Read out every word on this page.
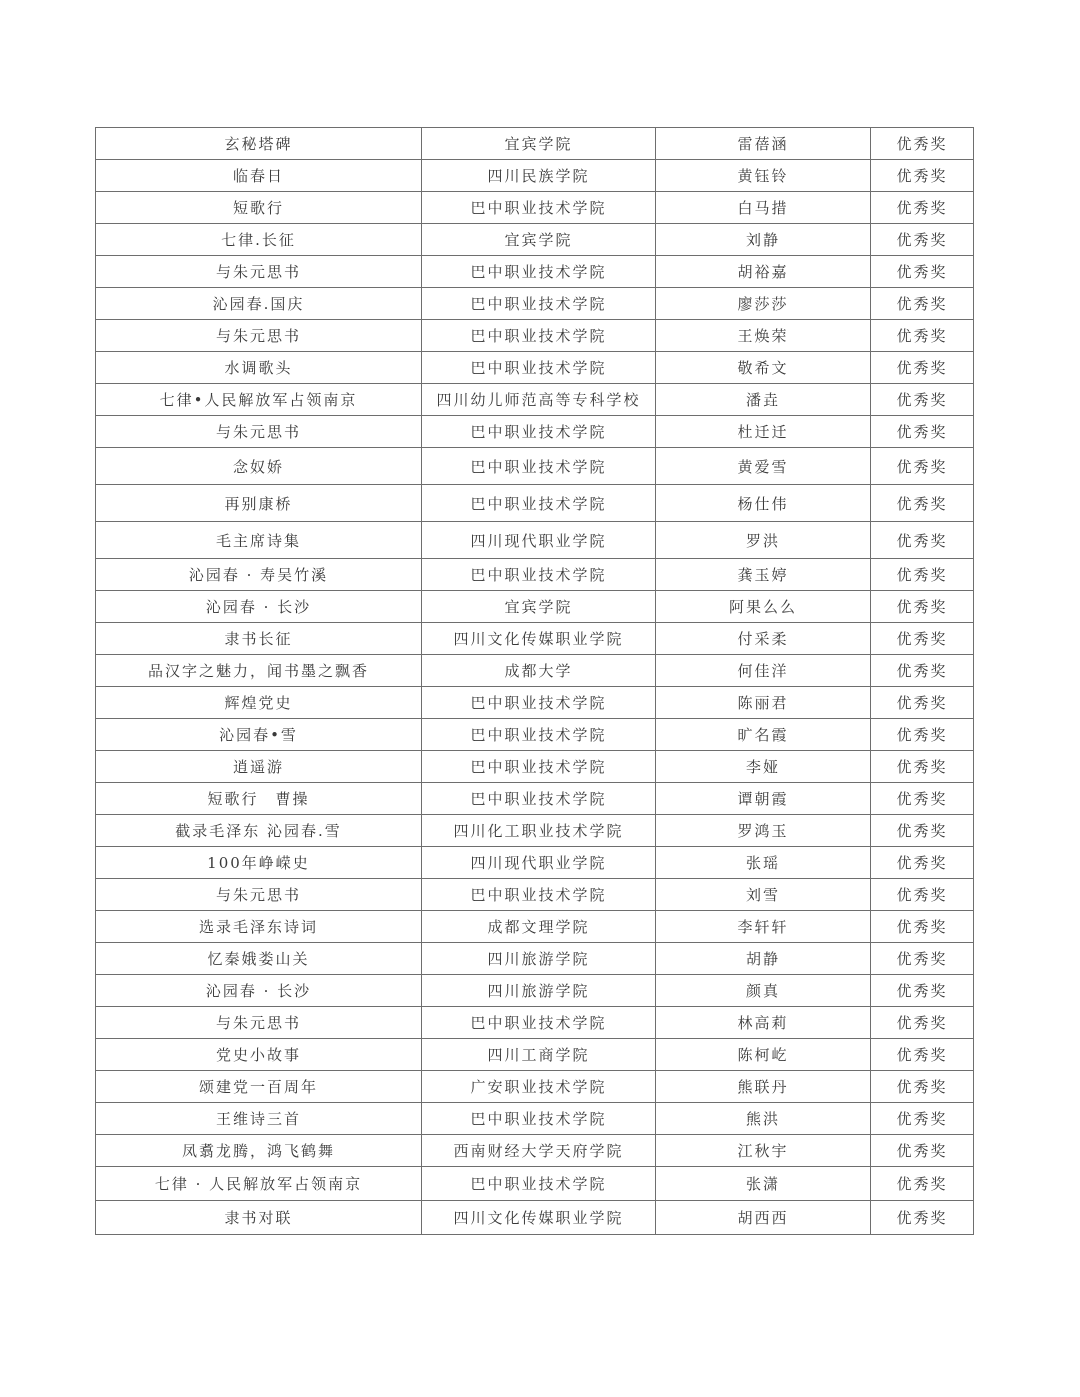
玄秘塔碑	宜宾学院	雷蓓涵	优秀奖
临春日	四川民族学院	黄钰铃	优秀奖
短歌行	巴中职业技术学院	白马措	优秀奖
七律.长征	宜宾学院	刘静	优秀奖
与朱元思书	巴中职业技术学院	胡裕嘉	优秀奖
沁园春.国庆	巴中职业技术学院	廖莎莎	优秀奖
与朱元思书	巴中职业技术学院	王焕荣	优秀奖
水调歌头	巴中职业技术学院	敬希文	优秀奖
七律•人民解放军占领南京	四川幼儿师范高等专科学校	潘垚	优秀奖
与朱元思书	巴中职业技术学院	杜迁迁	优秀奖
念奴娇	巴中职业技术学院	黄爱雪	优秀奖
再别康桥	巴中职业技术学院	杨仕伟	优秀奖
毛主席诗集	四川现代职业学院	罗洪	优秀奖
沁园春 · 寿吴竹溪	巴中职业技术学院	龚玉婷	优秀奖
沁园春 · 长沙	宜宾学院	阿果么么	优秀奖
隶书长征	四川文化传媒职业学院	付采柔	优秀奖
品汉字之魅力，闻书墨之飘香	成都大学	何佳洋	优秀奖
辉煌党史	巴中职业技术学院	陈丽君	优秀奖
沁园春•雪	巴中职业技术学院	旷名霞	优秀奖
逍遥游	巴中职业技术学院	李娅	优秀奖
短歌行　曹操	巴中职业技术学院	谭朝霞	优秀奖
截录毛泽东 沁园春.雪	四川化工职业技术学院	罗鸿玉	优秀奖
100年峥嵘史	四川现代职业学院	张瑶	优秀奖
与朱元思书	巴中职业技术学院	刘雪	优秀奖
选录毛泽东诗词	成都文理学院	李轩轩	优秀奖
忆秦娥娄山关	四川旅游学院	胡静	优秀奖
沁园春 · 长沙	四川旅游学院	颜真	优秀奖
与朱元思书	巴中职业技术学院	林高莉	优秀奖
党史小故事	四川工商学院	陈柯屹	优秀奖
颂建党一百周年	广安职业技术学院	熊联丹	优秀奖
王维诗三首	巴中职业技术学院	熊洪	优秀奖
凤翥龙腾，鸿飞鹤舞	西南财经大学天府学院	江秋宇	优秀奖
七律 · 人民解放军占领南京	巴中职业技术学院	张潇	优秀奖
隶书对联	四川文化传媒职业学院	胡西西	优秀奖
